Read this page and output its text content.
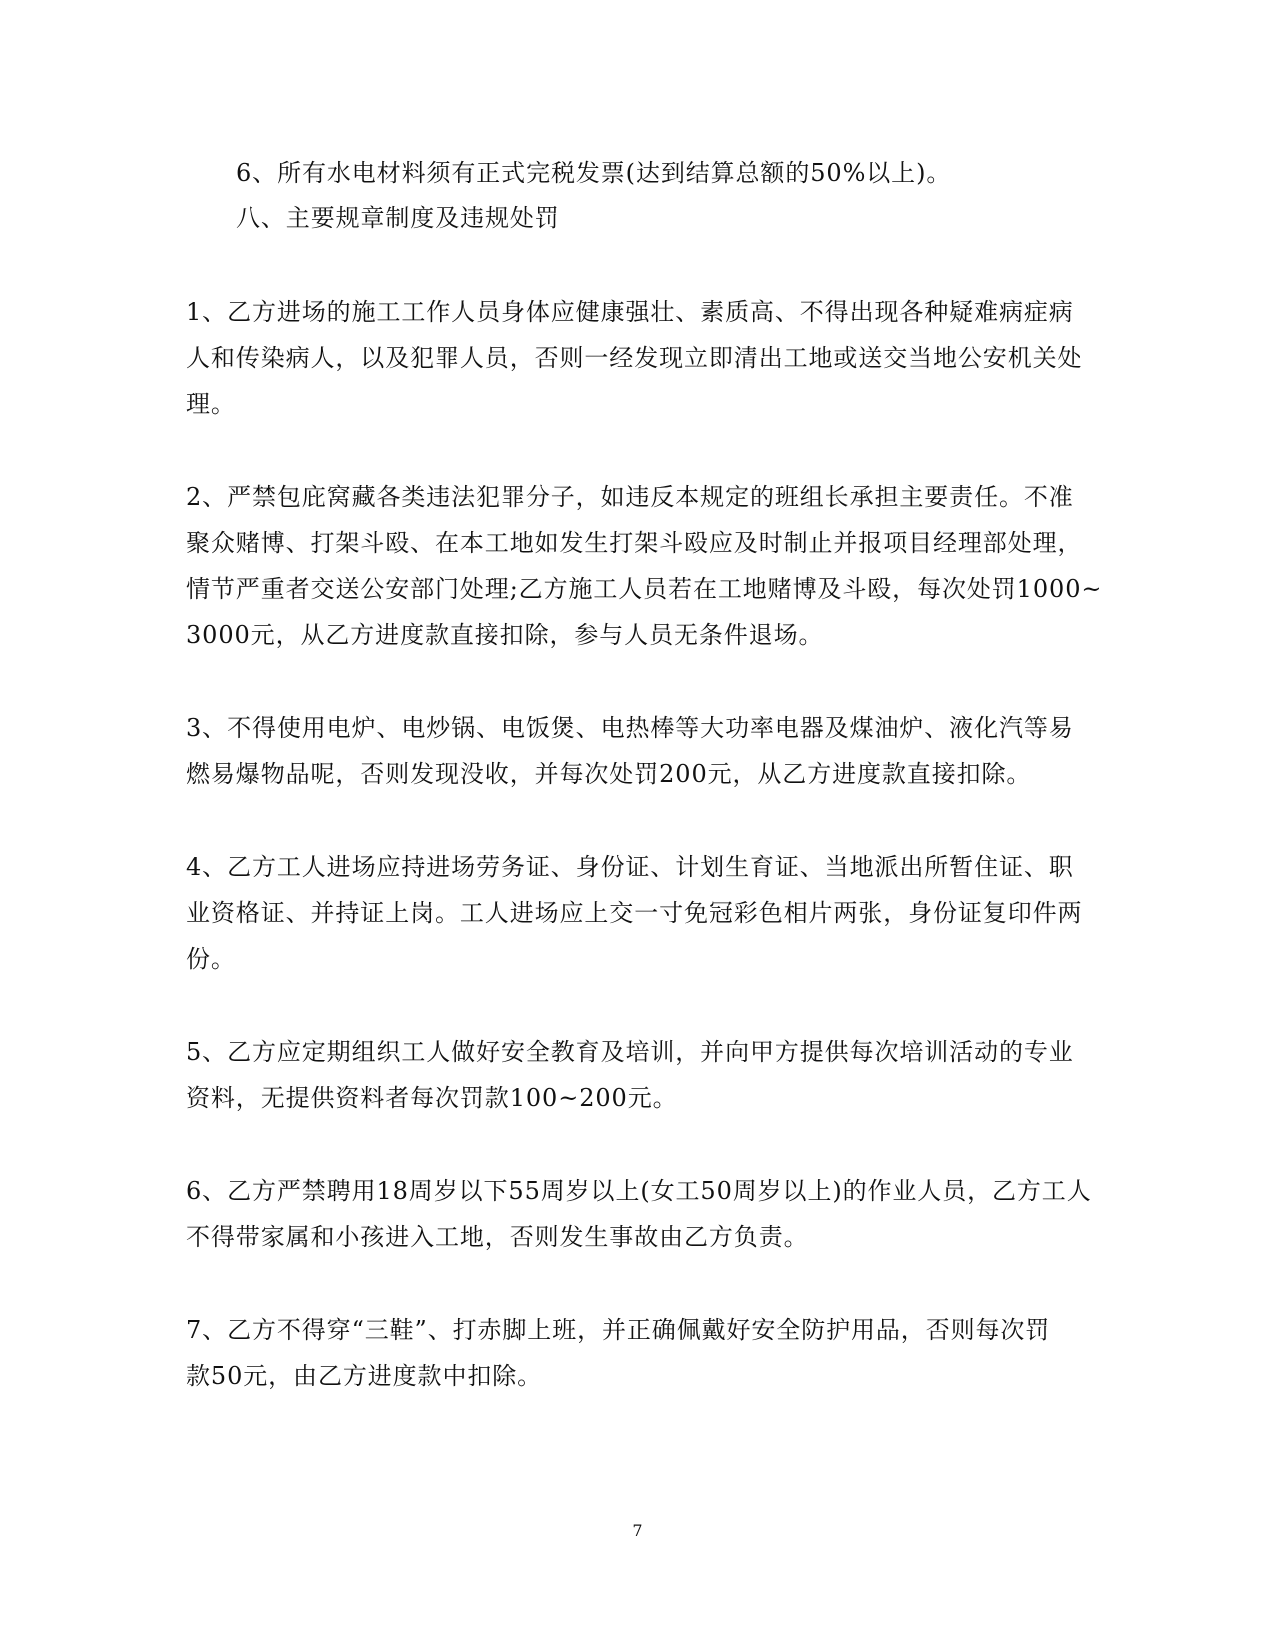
6、所有水电材料须有正式完税发票(达到结算总额的50%以上)。
八、主要规章制度及违规处罚
1、乙方进场的施工工作人员身体应健康强壮、素质高、不得出现各种疑难病症病
人和传染病人，以及犯罪人员，否则一经发现立即清出工地或送交当地公安机关处
理。
2、严禁包庇窝藏各类违法犯罪分子，如违反本规定的班组长承担主要责任。不准
聚众赌博、打架斗殴、在本工地如发生打架斗殴应及时制止并报项目经理部处理，
情节严重者交送公安部门处理;乙方施工人员若在工地赌博及斗殴，每次处罚1000~
3000元，从乙方进度款直接扣除，参与人员无条件退场。
3、不得使用电炉、电炒锅、电饭煲、电热棒等大功率电器及煤油炉、液化汽等易
燃易爆物品呢，否则发现没收，并每次处罚200元，从乙方进度款直接扣除。
4、乙方工人进场应持进场劳务证、身份证、计划生育证、当地派出所暂住证、职
业资格证、并持证上岗。工人进场应上交一寸免冠彩色相片两张，身份证复印件两
份。
5、乙方应定期组织工人做好安全教育及培训，并向甲方提供每次培训活动的专业
资料，无提供资料者每次罚款100~200元。
6、乙方严禁聘用18周岁以下55周岁以上(女工50周岁以上)的作业人员，乙方工人
不得带家属和小孩进入工地，否则发生事故由乙方负责。
7、乙方不得穿“三鞋”、打赤脚上班，并正确佩戴好安全防护用品，否则每次罚
款50元，由乙方进度款中扣除。
7
